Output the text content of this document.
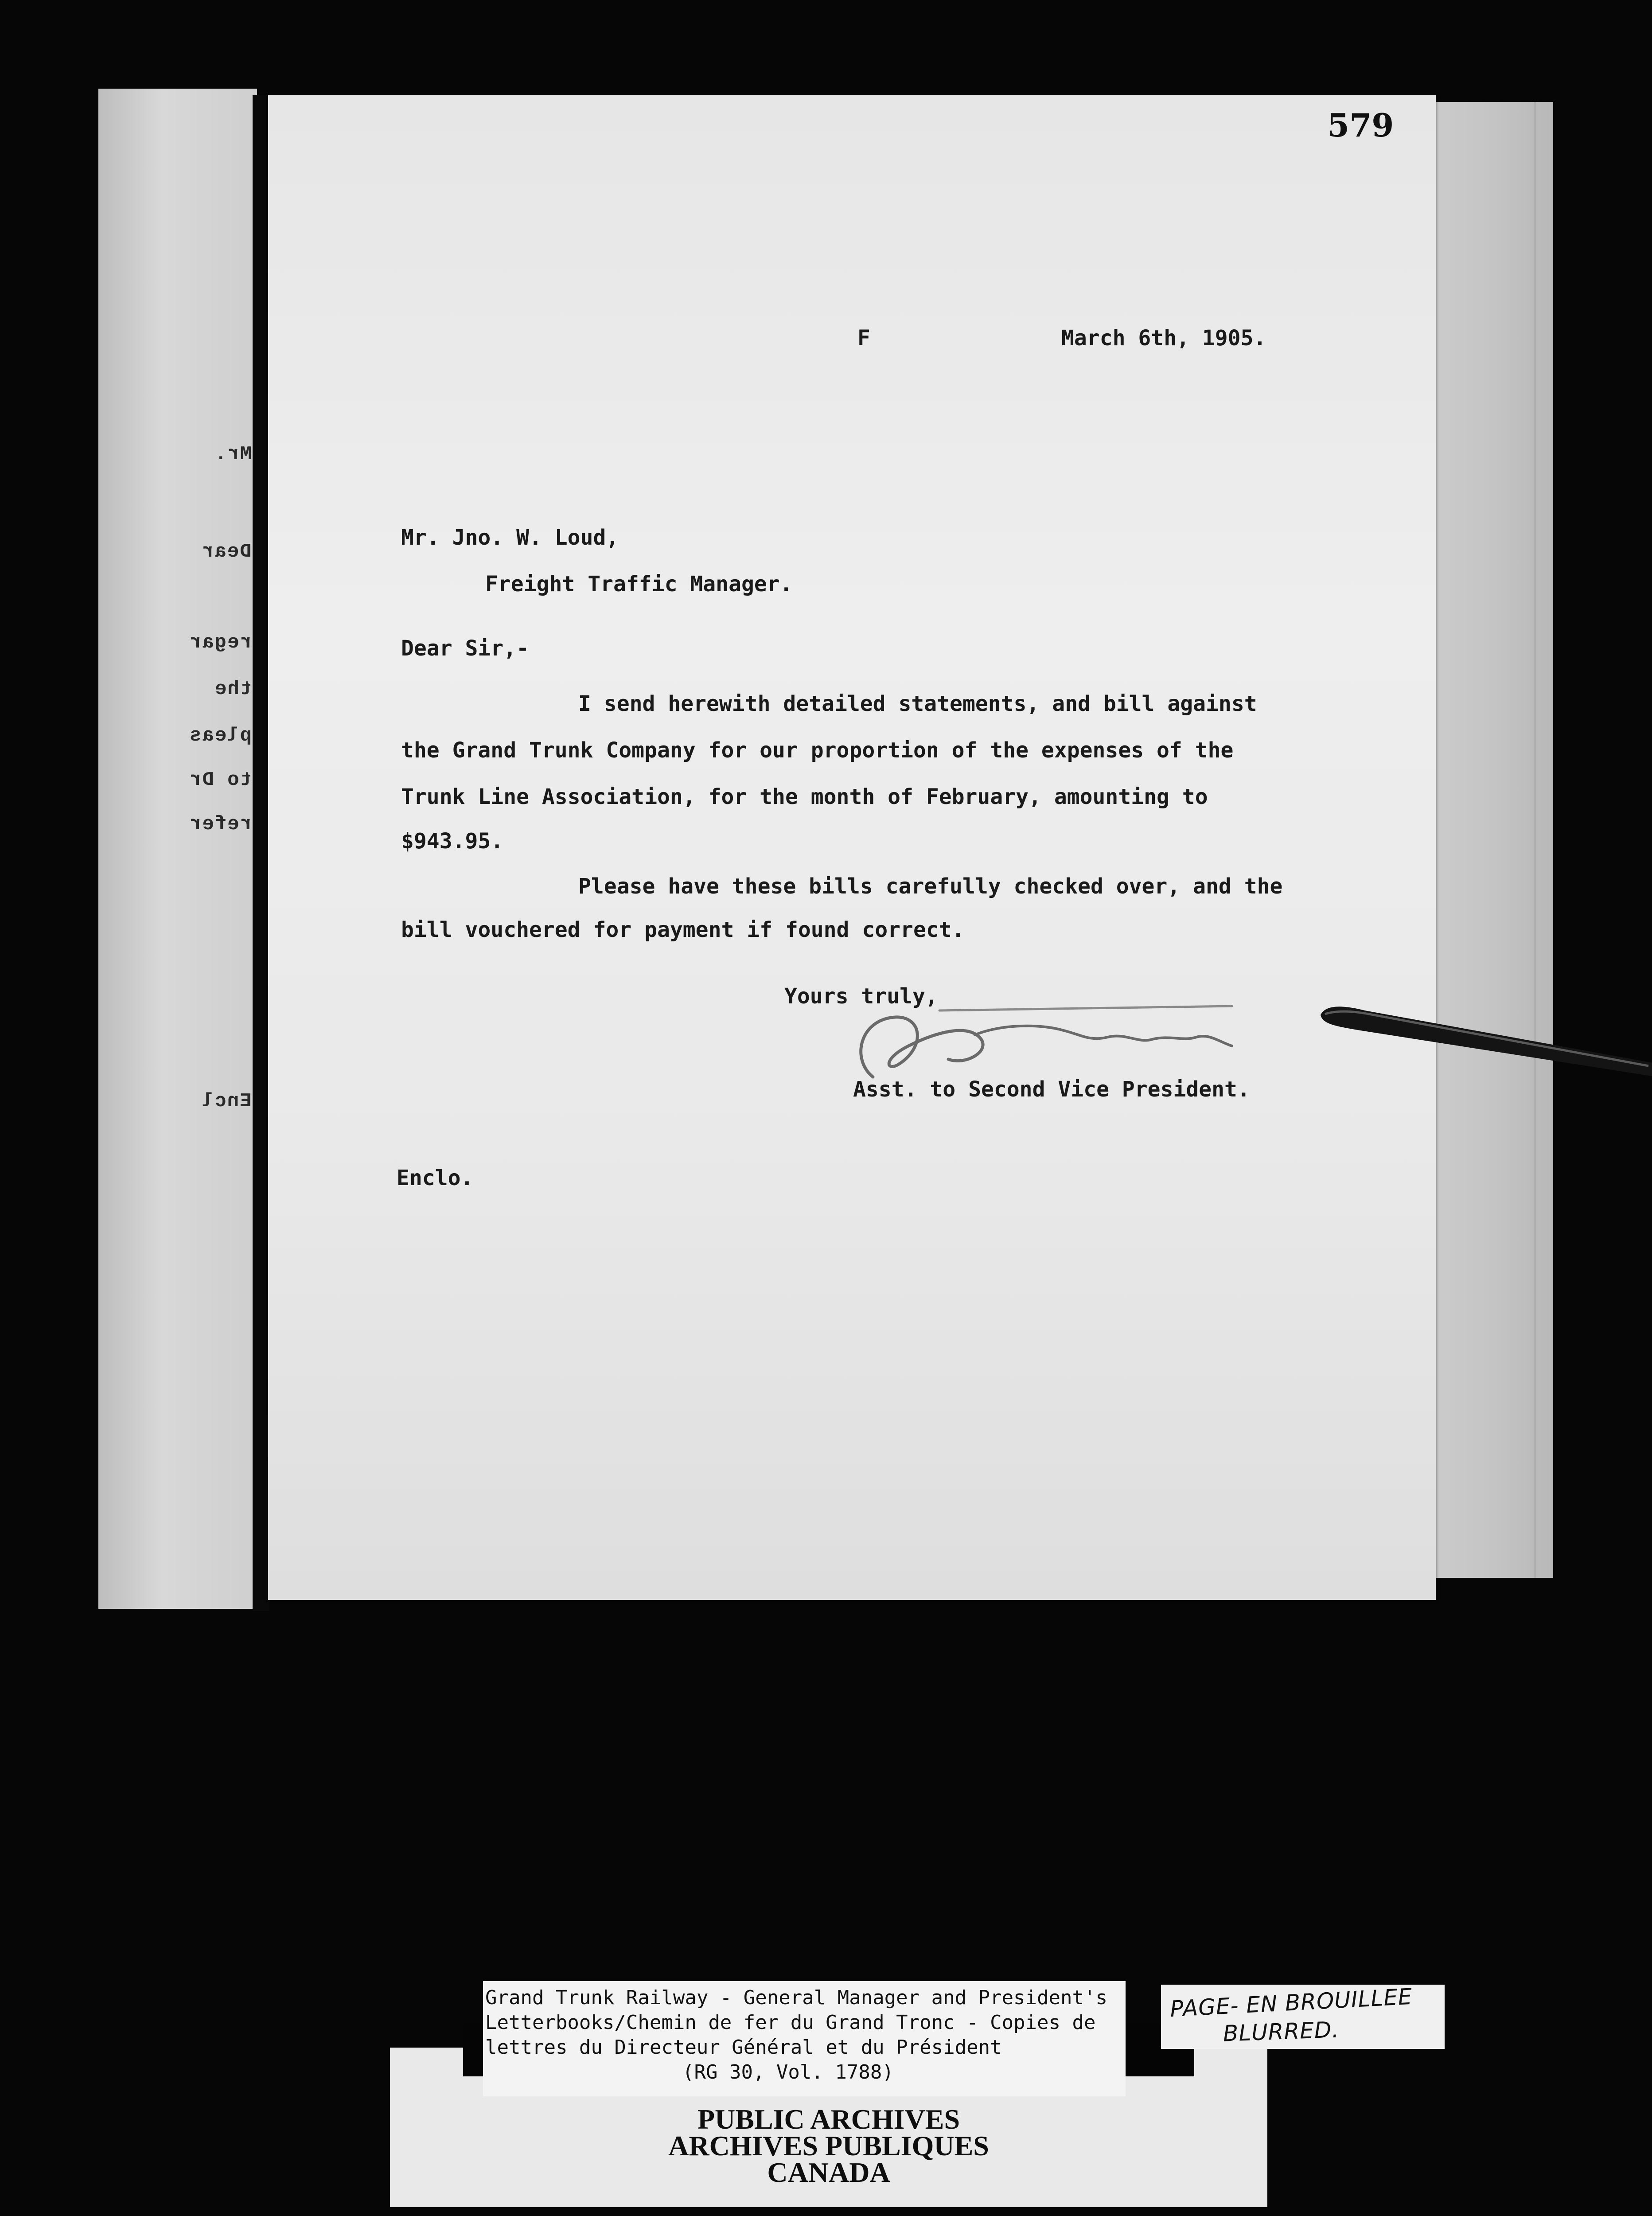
Mr.
Dear
regar
the
pleas
to Dr
refer
Encl
579
F	March 6th, 1905.
Mr. Jno. W. Loud,
Freight Traffic Manager.
Dear Sir,-
I send herewith detailed statements, and bill against
the Grand Trunk Company for our proportion of the expenses of the
Trunk Line Association, for the month of February, amounting to
$943.95.
Please have these bills carefully checked over, and the
bill vouchered for payment if found correct.
Yours truly,
Asst. to Second Vice President.
Enclo.
Grand Trunk Railway - General Manager and President's
Letterbooks/Chemin de fer du Grand Tronc - Copies de
lettres du Directeur Général et du Président
(RG 30, Vol. 1788)
PUBLIC ARCHIVES
ARCHIVES PUBLIQUES
CANADA
PAGE- EN BROUILLEE
BLURRED.
